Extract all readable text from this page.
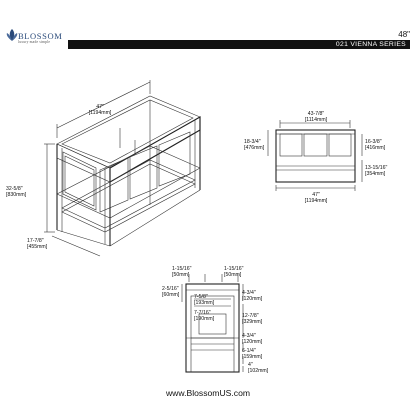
BLOSSOM
luxury made simple
48"
021 VIENNA SERIES
47"
[1194mm]
32-5/8"
[830mm]
17-7/8"
[455mm]
43-7/8"
[1114mm]
18-3/4"
[476mm]
16-3/8"
[416mm]
13-15/16"
[354mm]
47"
[1194mm]
1-15/16"
[50mm]
1-15/16"
[50mm]
2-5/16"
[60mm]	7-5/8"
[193mm]
7-7/16"
[190mm]
4-3/4"
[120mm]
12-7/8"
[329mm]
4-3/4"
[120mm]
6-1/4"
[159mm]
4"
[102mm]
www.BlossomUS.com
